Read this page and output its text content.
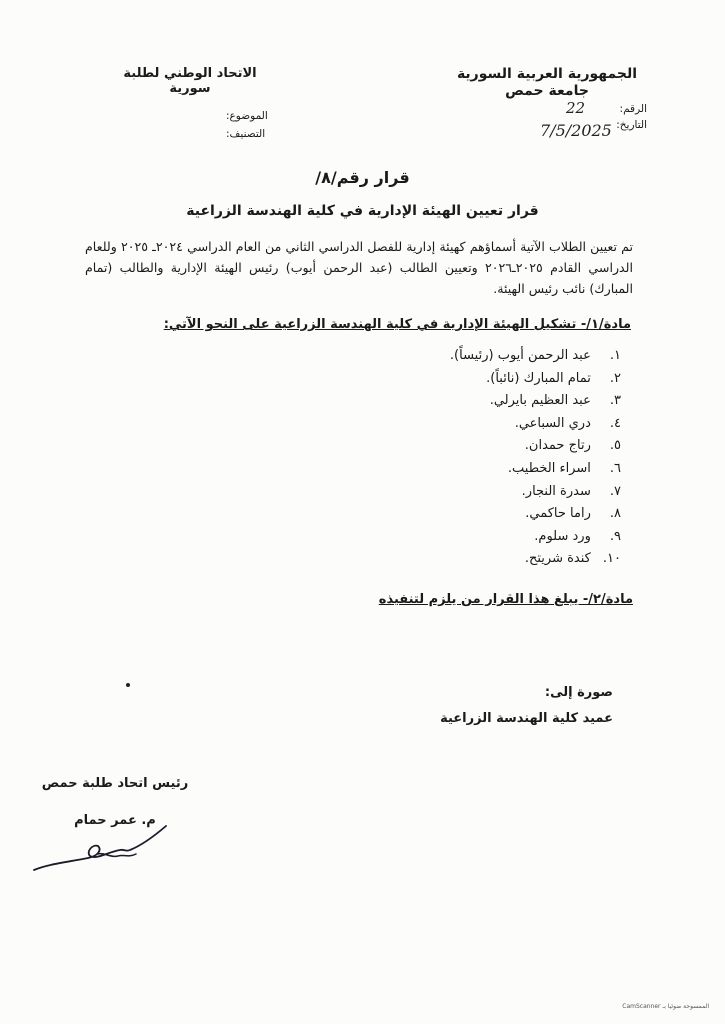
الجمهورية العربية السورية
جامعة حمص
الاتحاد الوطني لطلبة سورية
الرقم:
22
التاريخ:
7/5/2025
الموضوع:
التصنيف:
قرار رقم/٨/
قرار تعيين الهيئة الإدارية في كلية الهندسة الزراعية
تم تعيين الطلاب الآتية أسماؤهم كهيئة إدارية للفصل الدراسي الثاني من العام الدراسي ٢٠٢٤ـ ٢٠٢٥ وللعام الدراسي القادم ٢٠٢٥ـ٢٠٢٦ وتعيين الطالب (عبد الرحمن أيوب) رئيس الهيئة الإدارية والطالب (تمام المبارك) نائب رئيس الهيئة.
مادة/١/- تشكيل الهيئة الإدارية في كلية الهندسة الزراعية على النحو الآتي:
١. عبد الرحمن أيوب (رئيساً).
٢. تمام المبارك (نائباً).
٣. عبد العظيم بايرلي.
٤. دري السباعي.
٥. رتاج حمدان.
٦. اسراء الخطيب.
٧. سدرة النجار.
٨. راما حاكمي.
٩. ورد سلوم.
١٠. كندة شريتح.
مادة/٢/- يبلغ هذا القرار من يلزم لتنفيذه
صورة إلى:
عميد كلية الهندسة الزراعية
رئيس اتحاد طلبة حمص
م. عمر حمام
CamScanner الممسوحة ضوئيا بـ
